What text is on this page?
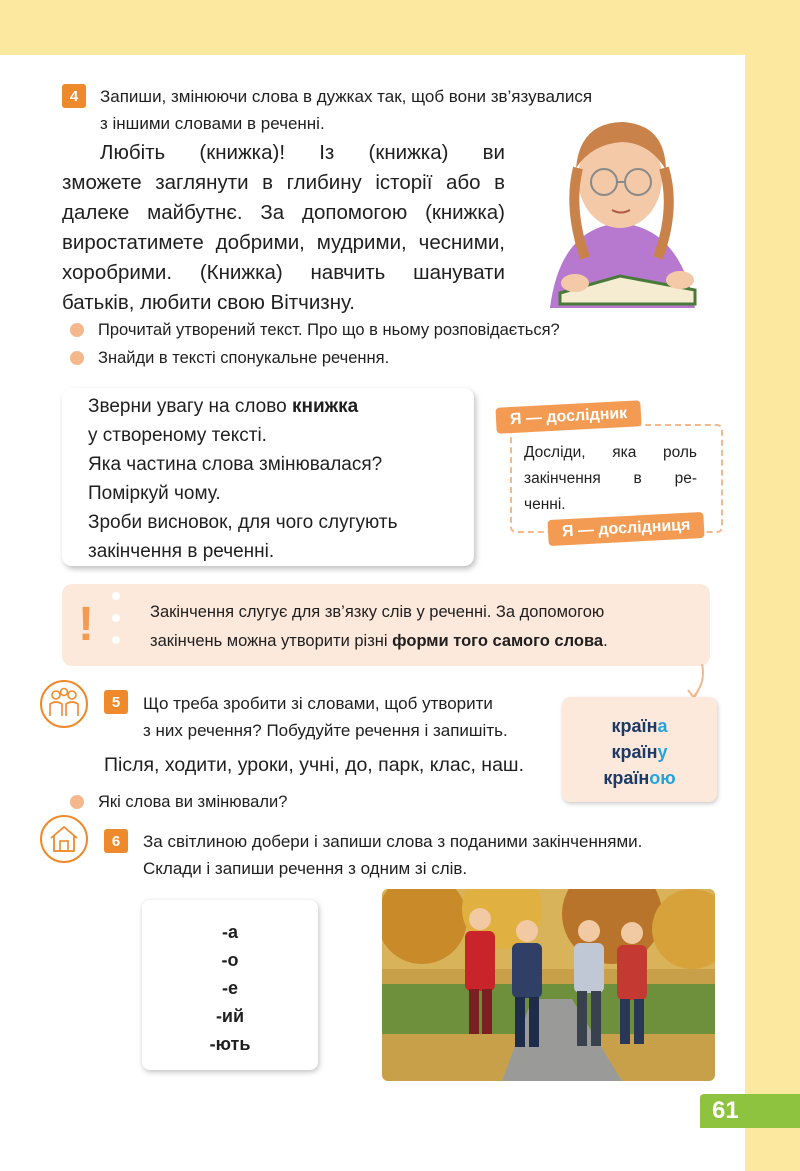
4	Запиши, змінюючи слова в дужках так, щоб вони зв’язувалися
з іншими словами в реченні.

Любіть (книжка)! Із (книжка) ви

зможете заглянути в глибину історії або в

далеке майбутнє. За допомогою (книжка)

виростатимете добрими, мудрими, чесними,

хоробрими. (Книжка) навчить шанувати

батьків, любити свою Вітчизну.

Прочитай утворений текст. Про що в ньому розповідається?
Знайди в тексті спонукальне речення.
Зверни увагу на слово книжка
у створеному тексті.
Яка частина слова змінювалася?
Поміркуй чому.
Зроби висновок, для чого слугують
закінчення в реченні.
Досліди, яка роль
закінчення в ре-
ченні.
Я — дослідник
Я — дослідниця
!	Закінчення слугує для зв’язку слів у реченні. За допомогою
закінчень можна утворити різні форми того самого слова.
5	Що треба зробити зі словами, щоб утворити
з них речення? Побудуйте речення і запишіть.
Після, ходити, уроки, учні, до, парк, клас, наш.
Які слова ви змінювали?
країна
країну
країною
6	За світлиною добери і запиши слова з поданими закінченнями.
Склади і запиши речення з одним зі слів.
-а
-о
-е
-ий
-ють
61
